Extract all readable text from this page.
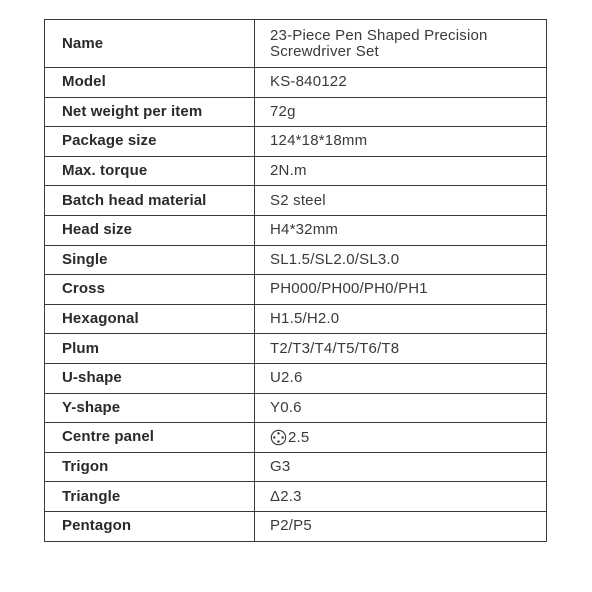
Name	23-Piece Pen Shaped Precision Screwdriver Set
Model	KS-840122
Net weight per item	72g
Package size	124*18*18mm
Max. torque	2N.m
Batch head material	S2 steel
Head size	H4*32mm
Single	SL1.5/SL2.0/SL3.0
Cross	PH000/PH00/PH0/PH1
Hexagonal	H1.5/H2.0
Plum	T2/T3/T4/T5/T6/T8
U-shape	U2.6
Y-shape	Y0.6
Centre panel	2.5
Trigon	G3
Triangle	Δ2.3
Pentagon	P2/P5
